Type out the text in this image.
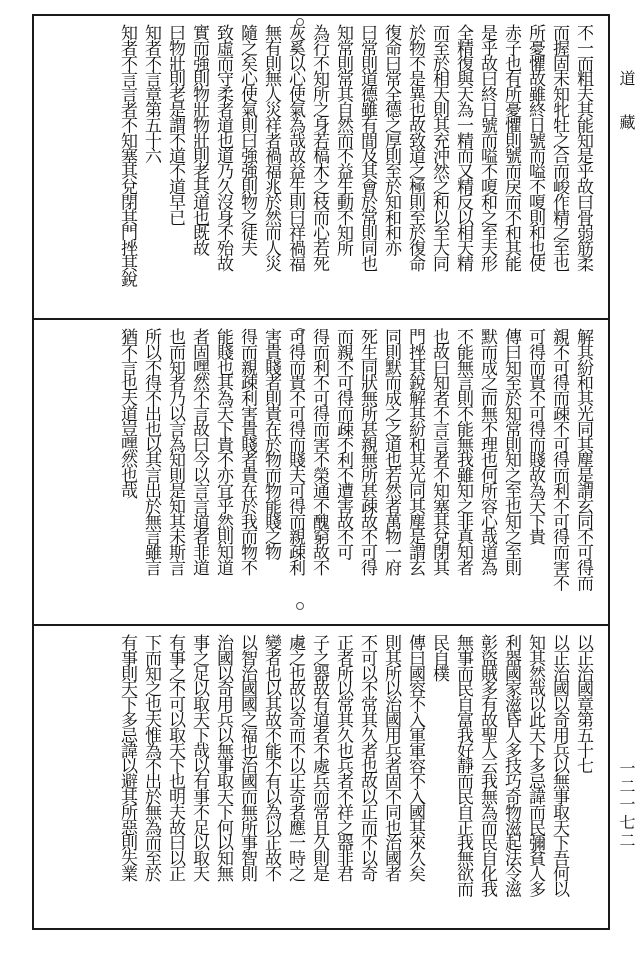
不一而粗夫其能知是乎故曰骨弱筋柔
而握固未知牝牡之合而峻作精之至也
所憂懼故雖終日號而嗌不嗄則和也使
赤子也有所憂懼則號而戾而不和其能
是乎故曰終日號而嗌不嗄和之至夫形
全精復與天為一精而又精反以相天精
而至於相天則其充沖然之和以至大同
於物不是異也故致道之極則至於復命
復命曰常全德之厚則至於知和和亦
曰常則道德雖有間及其會於常則同也
知常則常其自然而不益生動不知所
為行不知所之身若槁木之枝而心若死
灰奚以心使氣為哉故益生則曰祥禍福
無有則無人災祥者禍福兆於然而人災
隨之矣心使氣則曰強強則物之徒夫
致虛而守柔者道也道乃久沒身不殆故
實而強則物壯物壯則老其道也既故
曰物壯則老是謂不道不道早已
知者不言章第五十六
知者不言言者不知塞其兌閉其門挫其銳
解其紛和其光同其塵是謂玄同不可得而
親不可得而疎不可得而利不可得而害不
可得而貴不可得而賤故為天下貴
傳曰知至於知常則知之至也知之至則
默而成之而無不理也何所容心哉道為
不能無言則不能無我雖知之非真知者
也故曰知者不言言者不知塞其兌閉其
門挫其銳解其紛和其光同其塵是謂玄
同則默而成之之道也若然者萬物一府
死生同狀無所甚親無所甚疎故不可得
而親不可得而疎不利不遭害故不可
得而利不可得而害不榮通不醜窮故不
可得而貴不可得而賤夫可得而親疎利
害貴賤者則貴在於物而物能賤之物
得而親疎利害貴賤者貴在於我而物不
能賤也其為天下貴不亦宜乎然則知道
者固嘿然不言故曰今以言言道者非道
也而知者乃以言為知則是知其未斯言
所以不得不出也以其言出於無言雖言
猶不言也夫道豈嘿然也哉
以正治國章第五十七
以正治國以奇用兵以無事取天下吾何以
知其然哉以此天下多忌諱而民彌貧人多
利器國家滋昏人多技巧奇物滋起法令滋
彰盜賊多有故聖人云我無為而民自化我
無事而民自富我好靜而民自正我無欲而
民自樸
傳曰國容不入軍軍容不入國其來久矣
則其所以治國用兵者固不同也治國者
不可以不常其久者也故以正而不以奇
正者所以常其久也兵者不祥之器非君
子之器故有道者不處兵而常且久則是
處之也故以奇而不以正奇者應一時之
變者也以其故不能不有以為以正故不
以智治國國之福也治國而無所事智則
治國以奇用兵以無事取天下何以知無
事之足以取天下哉以有事不足以取天
有事之不可以取天下也明夫故曰以正
下而知之也夫惟為不出於無為而至於
有事則天下多忌諱以避其所惡則失業
道藏
一二一七二
